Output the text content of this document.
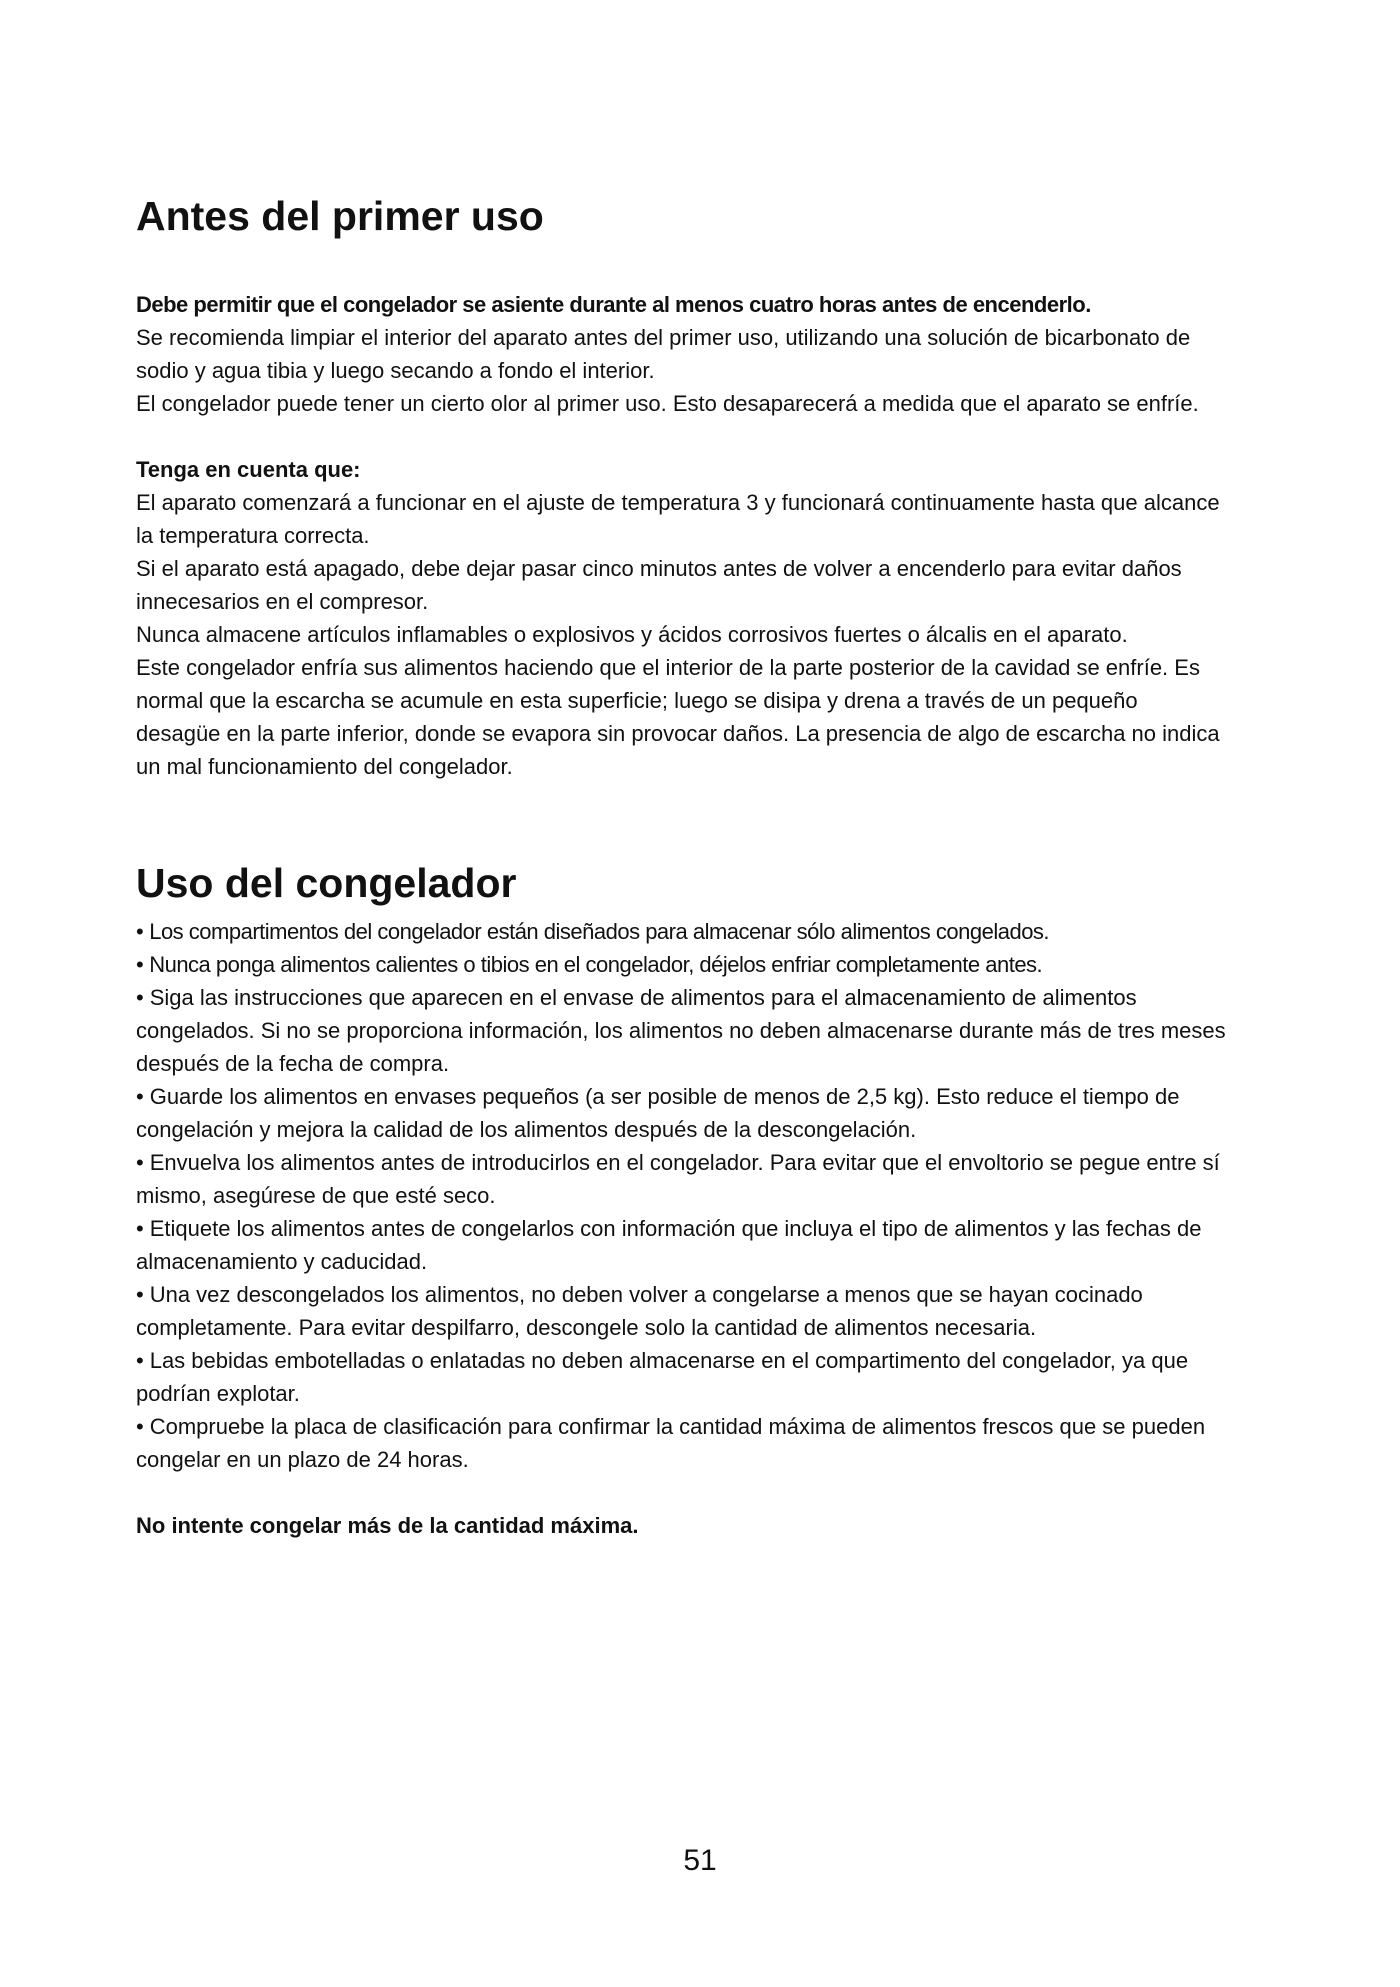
Antes del primer uso

Debe permitir que el congelador se asiente durante al menos cuatro horas antes de encenderlo.

Se recomienda limpiar el interior del aparato antes del primer uso, utilizando una solución de bicarbonato de sodio y agua tibia y luego secando a fondo el interior.

El congelador puede tener un cierto olor al primer uso. Esto desaparecerá a medida que el aparato se enfríe.

Tenga en cuenta que:

El aparato comenzará a funcionar en el ajuste de temperatura 3 y funcionará continuamente hasta que alcance la temperatura correcta.

Si el aparato está apagado, debe dejar pasar cinco minutos antes de volver a encenderlo para evitar daños innecesarios en el compresor.

Nunca almacene artículos inflamables o explosivos y ácidos corrosivos fuertes o álcalis en el aparato.

Este congelador enfría sus alimentos haciendo que el interior de la parte posterior de la cavidad se enfríe. Es normal que la escarcha se acumule en esta superficie; luego se disipa y drena a través de un pequeño desagüe en la parte inferior, donde se evapora sin provocar daños. La presencia de algo de escarcha no indica un mal funcionamiento del congelador.

Uso del congelador

• Los compartimentos del congelador están diseñados para almacenar sólo alimentos congelados.

• Nunca ponga alimentos calientes o tibios en el congelador, déjelos enfriar completamente antes.

• Siga las instrucciones que aparecen en el envase de alimentos para el almacenamiento de alimentos congelados. Si no se proporciona información, los alimentos no deben almacenarse durante más de tres meses después de la fecha de compra.

• Guarde los alimentos en envases pequeños (a ser posible de menos de 2,5 kg). Esto reduce el tiempo de congelación y mejora la calidad de los alimentos después de la descongelación.

• Envuelva los alimentos antes de introducirlos en el congelador. Para evitar que el envoltorio se pegue entre sí mismo, asegúrese de que esté seco.

• Etiquete los alimentos antes de congelarlos con información que incluya el tipo de alimentos y las fechas de almacenamiento y caducidad.

• Una vez descongelados los alimentos, no deben volver a congelarse a menos que se hayan cocinado completamente. Para evitar despilfarro, descongele solo la cantidad de alimentos necesaria.

• Las bebidas embotelladas o enlatadas no deben almacenarse en el compartimento del congelador, ya que podrían explotar.

• Compruebe la placa de clasificación para confirmar la cantidad máxima de alimentos frescos que se pueden congelar en un plazo de 24 horas.

No intente congelar más de la cantidad máxima.

51
